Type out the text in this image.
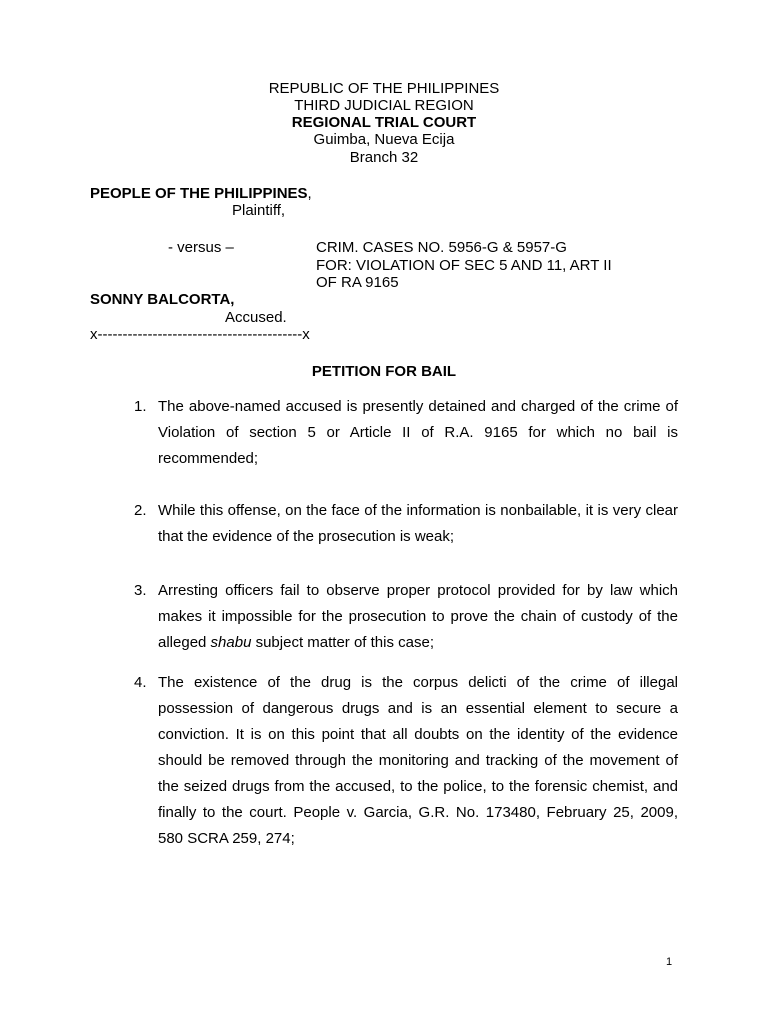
REPUBLIC OF THE PHILIPPINES
THIRD JUDICIAL REGION
REGIONAL TRIAL COURT
Guimba, Nueva Ecija
Branch 32
PEOPLE OF THE PHILIPPINES,
Plaintiff,
- versus –	CRIM. CASES NO. 5956-G & 5957-G
FOR: VIOLATION OF SEC 5 AND 11, ART II
OF RA 9165
SONNY BALCORTA,
Accused.
x-----------------------------------------x
PETITION FOR BAIL
1. The above-named accused is presently detained and charged of the crime of Violation of section 5 or Article II of R.A. 9165 for which no bail is recommended;
2. While this offense, on the face of the information is nonbailable, it is very clear that the evidence of the prosecution is weak;
3. Arresting officers fail to observe proper protocol provided for by law which makes it impossible for the prosecution to prove the chain of custody of the alleged shabu subject matter of this case;
4. The existence of the drug is the corpus delicti of the crime of illegal possession of dangerous drugs and is an essential element to secure a conviction. It is on this point that all doubts on the identity of the evidence should be removed through the monitoring and tracking of the movement of the seized drugs from the accused, to the police, to the forensic chemist, and finally to the court. People v. Garcia, G.R. No. 173480, February 25, 2009, 580 SCRA 259, 274;
1
